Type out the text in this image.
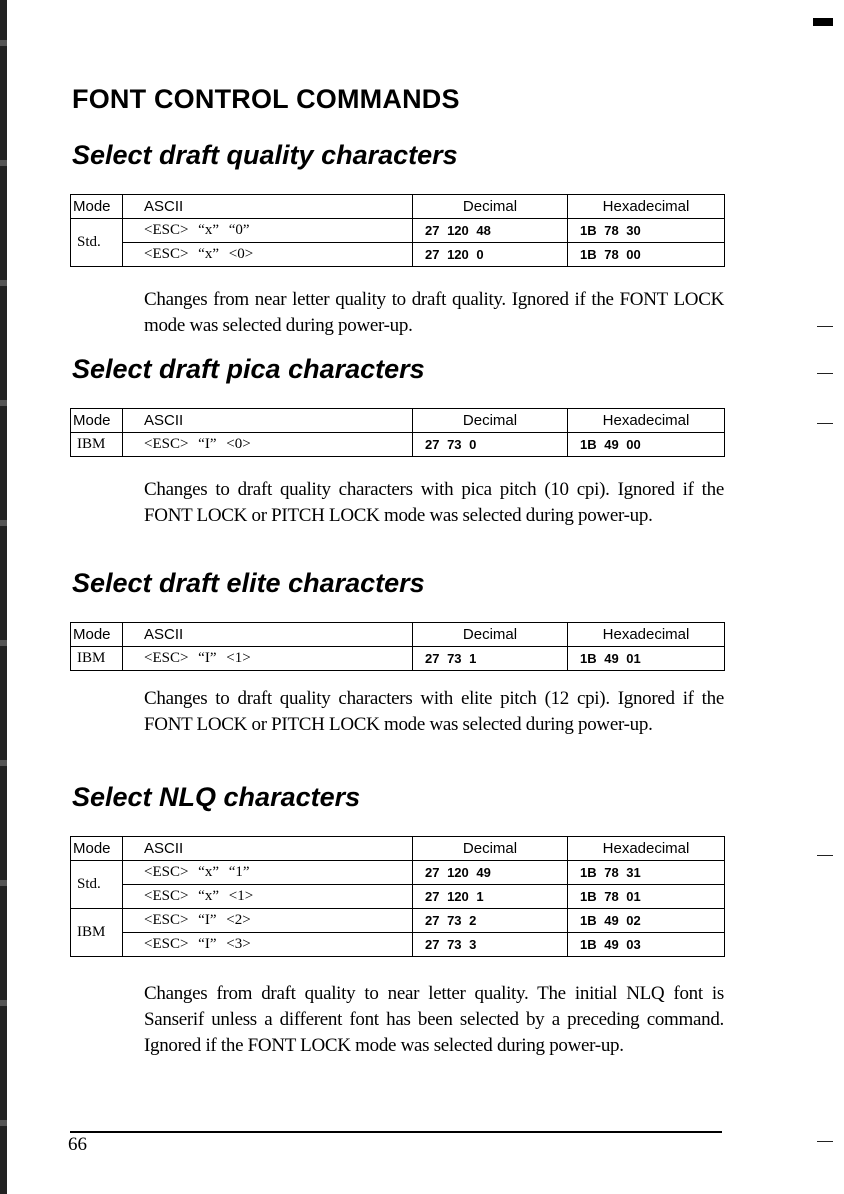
FONT CONTROL COMMANDS
Select draft quality characters
Mode	ASCII	Decimal	Hexadecimal
Std.	<ESC> “x” “0”	27 120 48	1B 78 30
	<ESC> “x” <0>	27 120 0	1B 78 00

Changes from near letter quality to draft quality. Ignored if the FONT LOCK mode was selected during power-up.

Select draft pica characters
Mode	ASCII	Decimal	Hexadecimal
IBM	<ESC> “I” <0>	27 73 0	1B 49 00

Changes to draft quality characters with pica pitch (10 cpi). Ignored if the FONT LOCK or PITCH LOCK mode was selected during power-up.

Select draft elite characters
Mode	ASCII	Decimal	Hexadecimal
IBM	<ESC> “I” <1>	27 73 1	1B 49 01

Changes to draft quality characters with elite pitch (12 cpi). Ignored if the FONT LOCK or PITCH LOCK mode was selected during power-up.

Select NLQ characters
Mode	ASCII	Decimal	Hexadecimal
Std.	<ESC> “x” “1”	27 120 49	1B 78 31
	<ESC> “x” <1>	27 120 1	1B 78 01
IBM	<ESC> “I” <2>	27 73 2	1B 49 02
	<ESC> “I” <3>	27 73 3	1B 49 03

Changes from draft quality to near letter quality. The initial NLQ font is Sanserif unless a different font has been selected by a preceding command. Ignored if the FONT LOCK mode was selected during power-up.

66
